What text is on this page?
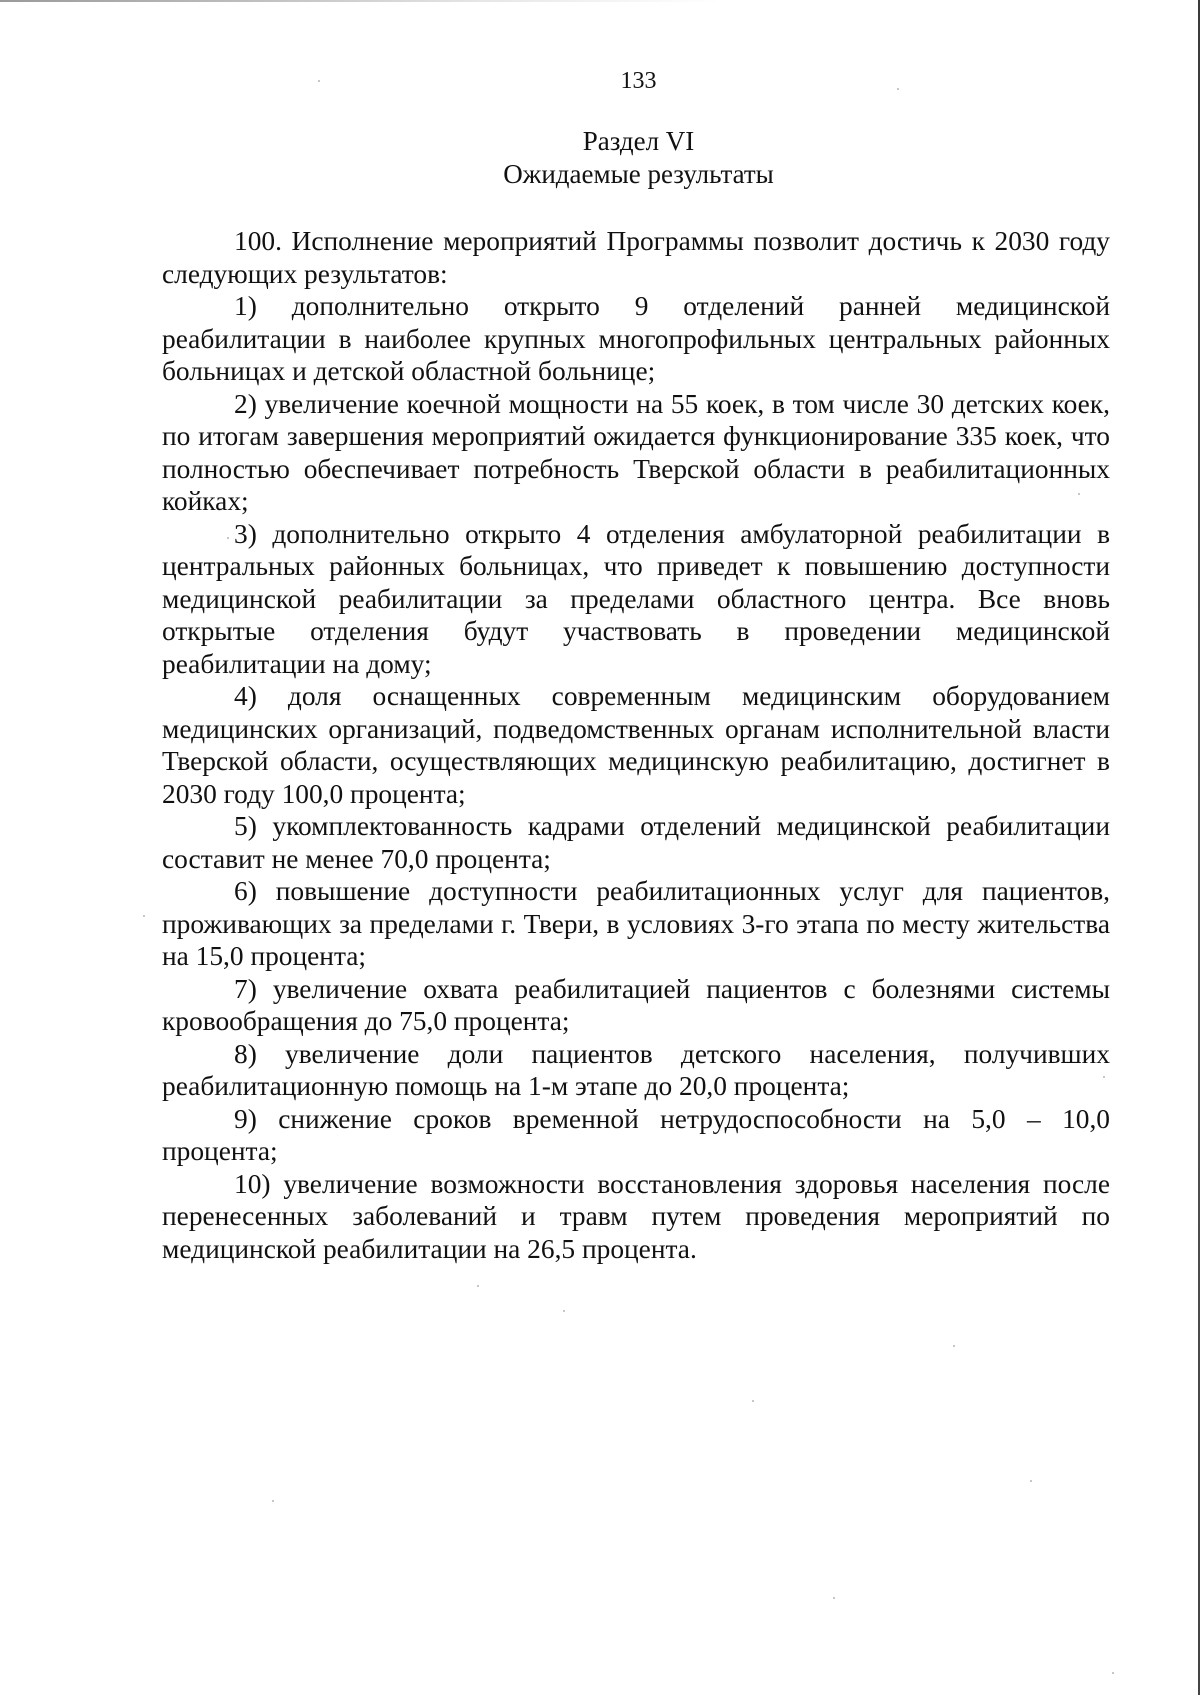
133
Раздел VI
Ожидаемые результаты

100. Исполнение мероприятий Программы позволит достичь к 2030 году следующих результатов:

1) дополнительно открыто 9 отделений ранней медицинской реабилитации в наиболее крупных многопрофильных центральных районных больницах и детской областной больнице;

2) увеличение коечной мощности на 55 коек, в том числе 30 детских коек, по итогам завершения мероприятий ожидается функционирование 335 коек, что полностью обеспечивает потребность Тверской области в реабилитационных койках;

3) дополнительно открыто 4 отделения амбулаторной реабилитации в центральных районных больницах, что приведет к повышению доступности медицинской реабилитации за пределами областного центра. Все вновь открытые отделения будут участвовать в проведении медицинской реабилитации на дому;

4) доля оснащенных современным медицинским оборудованием медицинских организаций, подведомственных органам исполнительной власти Тверской области, осуществляющих медицинскую реабилитацию, достигнет в 2030 году 100,0 процента;

5) укомплектованность кадрами отделений медицинской реабилитации составит не менее 70,0 процента;

6) повышение доступности реабилитационных услуг для пациентов, проживающих за пределами г. Твери, в условиях 3-го этапа по месту жительства на 15,0 процента;

7) увеличение охвата реабилитацией пациентов с болезнями системы кровообращения до 75,0 процента;

8) увеличение доли пациентов детского населения, получивших реабилитационную помощь на 1-м этапе до 20,0 процента;

9) снижение сроков временной нетрудоспособности на 5,0 – 10,0 процента;

10) увеличение возможности восстановления здоровья населения после перенесенных заболеваний и травм путем проведения мероприятий по медицинской реабилитации на 26,5 процента.
